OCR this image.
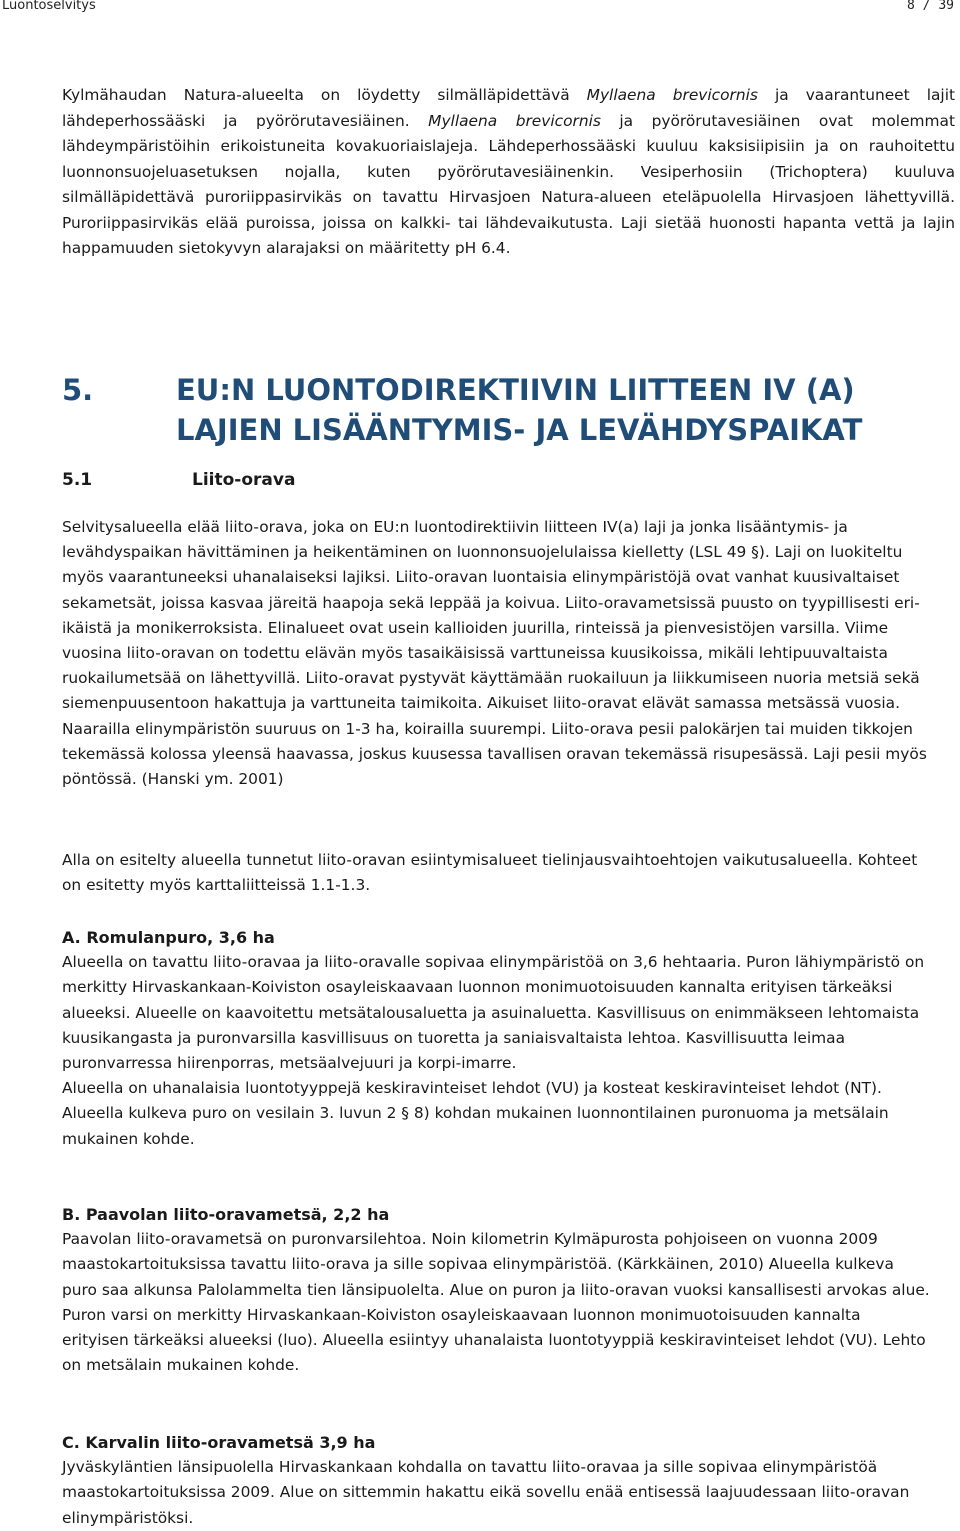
Luontoselvitys	8 / 39

Kylmähaudan Natura-alueelta on löydetty silmälläpidettävä Myllaena brevicornis ja vaarantuneet lajit lähdeperhossääski ja pyörörutavesiäinen. Myllaena brevicornis ja pyörörutavesiäinen ovat molemmat lähdeympäristöihin erikoistuneita kovakuoriaislajeja. Lähdeperhossääski kuuluu kaksisiipisiin ja on rauhoitettu luonnonsuojeluasetuksen nojalla, kuten pyörörutavesiäinenkin. Vesiperhosiin (Trichoptera) kuuluva silmälläpidettävä puroriippasirvikäs on tavattu Hirvasjoen Natura-alueen eteläpuolella Hirvasjoen lähettyvillä. Puroriippasirvikäs elää puroissa, joissa on kalkki- tai lähdevaikutusta. Laji sietää huonosti hapanta vettä ja lajin happamuuden sietokyvyn alarajaksi on määritetty pH 6.4.

5.	EU:N LUONTODIREKTIIVIN LIITTEEN IV (A) LAJIEN LISÄÄNTYMIS- JA LEVÄHDYSPAIKAT
5.1	Liito-orava

Selvitysalueella elää liito-orava, joka on EU:n luontodirektiivin liitteen IV(a) laji ja jonka lisääntymis- ja levähdyspaikan hävittäminen ja heikentäminen on luonnonsuojelulaissa kielletty (LSL 49 §). Laji on luokiteltu myös vaarantuneeksi uhanalaiseksi lajiksi. Liito-oravan luontaisia elinympäristöjä ovat vanhat kuusivaltaiset sekametsät, joissa kasvaa järeitä haapoja sekä leppää ja koivua. Liito-oravametsissä puusto on tyypillisesti eri-ikäistä ja monikerroksista. Elinalueet ovat usein kallioiden juurilla, rinteissä ja pienvesistöjen varsilla. Viime vuosina liito-oravan on todettu elävän myös tasaikäisissä varttuneissa kuusikoissa, mikäli lehtipuuvaltaista ruokailumetsää on lähettyvillä. Liito-oravat pystyvät käyttämään ruokailuun ja liikkumiseen nuoria metsiä sekä siemenpuusentoon hakattuja ja varttuneita taimikoita. Aikuiset liito-oravat elävät samassa metsässä vuosia. Naarailla elinympäristön suuruus on 1-3 ha, koirailla suurempi. Liito-orava pesii palokärjen tai muiden tikkojen tekemässä kolossa yleensä haavassa, joskus kuusessa tavallisen oravan tekemässä risupesässä. Laji pesii myös pöntössä. (Hanski ym. 2001)

Alla on esitelty alueella tunnetut liito-oravan esiintymisalueet tielinjausvaihtoehtojen vaikutusalueella. Kohteet on esitetty myös karttaliitteissä 1.1-1.3.

A. Romulanpuro, 3,6 ha

Alueella on tavattu liito-oravaa ja liito-oravalle sopivaa elinympäristöä on 3,6 hehtaaria. Puron lähiympäristö on merkitty Hirvaskankaan-Koiviston osayleiskaavaan luonnon monimuotoisuuden kannalta erityisen tärkeäksi alueeksi. Alueelle on kaavoitettu metsätalousaluetta ja asuinaluetta. Kasvillisuus on enimmäkseen lehtomaista kuusikangasta ja puronvarsilla kasvillisuus on tuoretta ja saniaisvaltaista lehtoa. Kasvillisuutta leimaa puronvarressa hiirenporras, metsäalvejuuri ja korpi-imarre.

Alueella on uhanalaisia luontotyyppejä keskiravinteiset lehdot (VU) ja kosteat keskiravinteiset lehdot (NT). Alueella kulkeva puro on vesilain 3. luvun 2 § 8) kohdan mukainen luonnontilainen puronuoma ja metsälain mukainen kohde.

B. Paavolan liito-oravametsä, 2,2 ha

Paavolan liito-oravametsä on puronvarsilehtoa. Noin kilometrin Kylmäpurosta pohjoiseen on vuonna 2009 maastokartoituksissa tavattu liito-orava ja sille sopivaa elinympäristöä. (Kärkkäinen, 2010) Alueella kulkeva puro saa alkunsa Palolammelta tien länsipuolelta. Alue on puron ja liito-oravan vuoksi kansallisesti arvokas alue. Puron varsi on merkitty Hirvaskankaan-Koiviston osayleiskaavaan luonnon monimuotoisuuden kannalta erityisen tärkeäksi alueeksi (luo). Alueella esiintyy uhanalaista luontotyyppiä keskiravinteiset lehdot (VU). Lehto on metsälain mukainen kohde.

C. Karvalin liito-oravametsä 3,9 ha

Jyväskyläntien länsipuolella Hirvaskankaan kohdalla on tavattu liito-oravaa ja sille sopivaa elinympäristöä maastokartoituksissa 2009. Alue on sittemmin hakattu eikä sovellu enää entisessä laajuudessaan liito-oravan elinympäristöksi.
